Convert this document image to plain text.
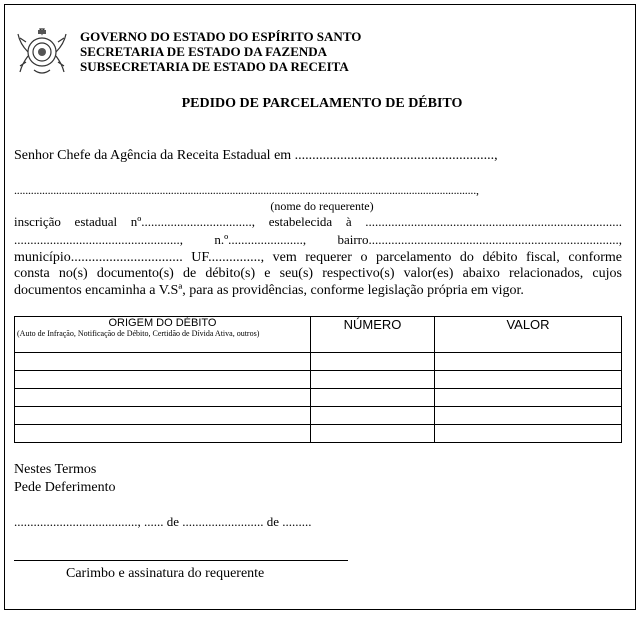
GOVERNO DO ESTADO DO ESPÍRITO SANTO
SECRETARIA DE ESTADO DA FAZENDA
SUBSECRETARIA DE ESTADO DA RECEITA
PEDIDO DE PARCELAMENTO DE DÉBITO
Senhor Chefe da Agência da Receita Estadual em .........................................................,
.....................................................................................................................................................................,
(nome do requerente)
inscrição estadual nº.................................., estabelecida à ...............................................................................
..................................................., n.º......................., bairro.............................................................................,
município................................ UF..............., vem requerer o parcelamento do débito fiscal, conforme
consta no(s) documento(s) de débito(s) e seu(s) respectivo(s) valor(es) abaixo relacionados, cujos
documentos encaminha a V.Sª, para as providências, conforme legislação própria em vigor.
ORIGEM DO DÉBITO
(Auto de Infração, Notificação de Débito, Certidão de Dívida Ativa, outros)	NÚMERO	VALOR

Nestes Termos
Pede Deferimento
......................................, ...... de ......................... de .........
Carimbo e assinatura do requerente
